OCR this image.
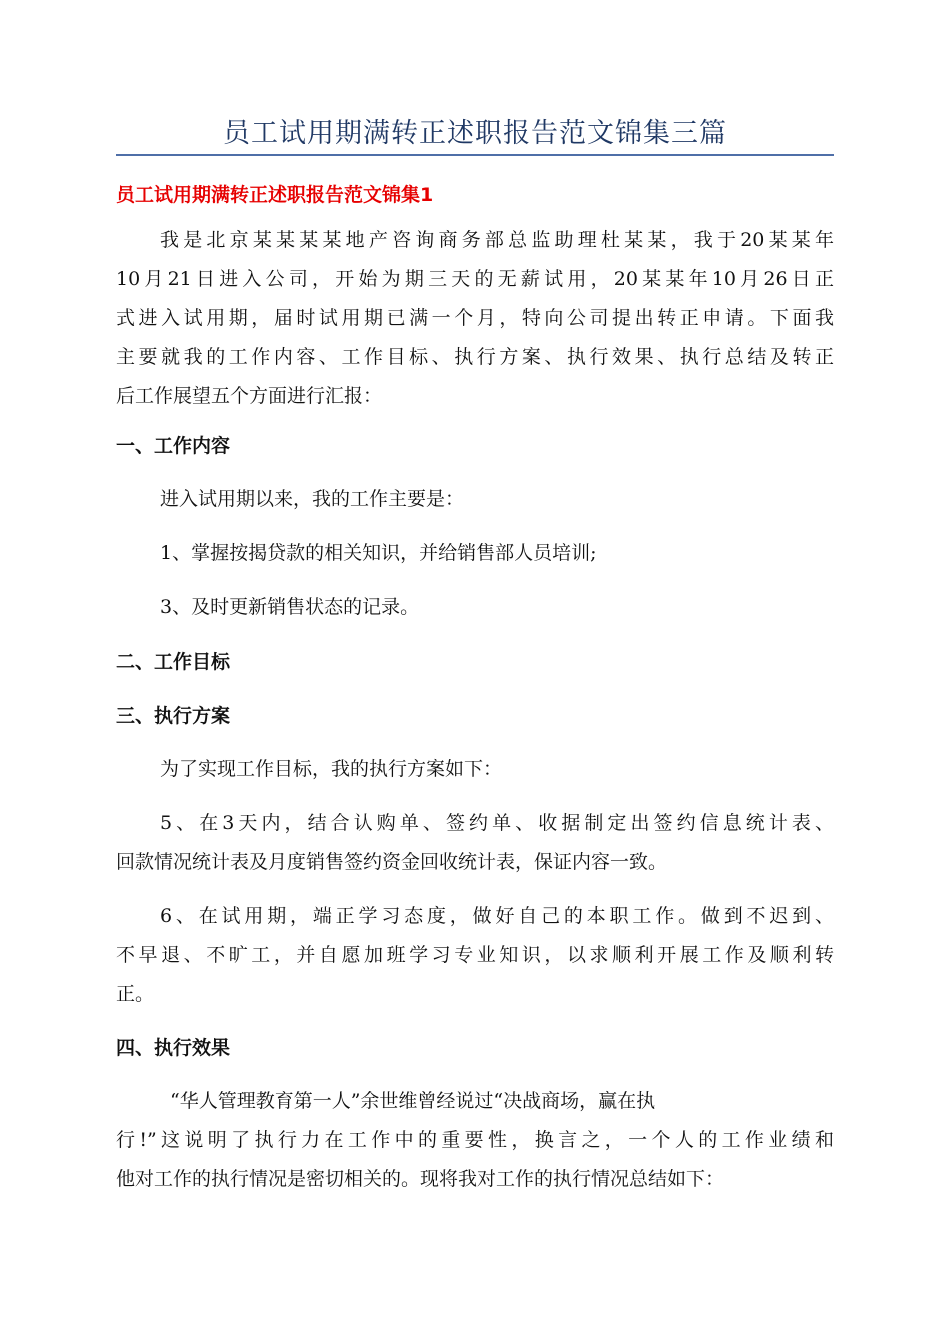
员工试用期满转正述职报告范文锦集三篇
员工试用期满转正述职报告范文锦集1
我是北京某某某某地产咨询商务部总监助理杜某某，我于20某某年
10月21日进入公司，开始为期三天的无薪试用，20某某年10月26日正
式进入试用期，届时试用期已满一个月，特向公司提出转正申请。下面我
主要就我的工作内容、工作目标、执行方案、执行效果、执行总结及转正
后工作展望五个方面进行汇报：
一、工作内容
进入试用期以来，我的工作主要是：
1、掌握按揭贷款的相关知识，并给销售部人员培训;
3、及时更新销售状态的记录。
二、工作目标
三、执行方案
为了实现工作目标，我的执行方案如下：
5、在3天内，结合认购单、签约单、收据制定出签约信息统计表、
回款情况统计表及月度销售签约资金回收统计表，保证内容一致。
6、在试用期，端正学习态度，做好自己的本职工作。做到不迟到、
不早退、不旷工，并自愿加班学习专业知识，以求顺利开展工作及顺利转
正。
四、执行效果
“华人管理教育第一人”余世维曾经说过“决战商场，赢在执
行!”这说明了执行力在工作中的重要性，换言之，一个人的工作业绩和
他对工作的执行情况是密切相关的。现将我对工作的执行情况总结如下：
